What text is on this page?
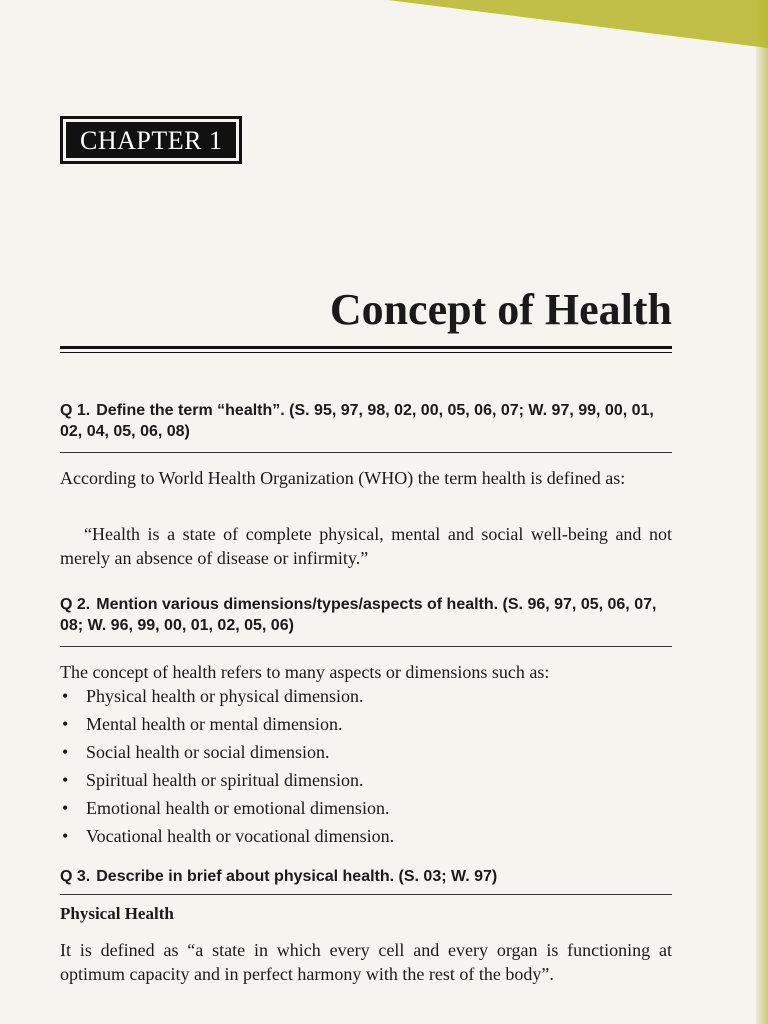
CHAPTER 1
Concept of Health
Q 1. Define the term “health”. (S. 95, 97, 98, 02, 00, 05, 06, 07; W. 97, 99, 00, 01, 02, 04, 05, 06, 08)
According to World Health Organization (WHO) the term health is defined as:
“Health is a state of complete physical, mental and social well-being and not merely an absence of disease or infirmity.”
Q 2. Mention various dimensions/types/aspects of health. (S. 96, 97, 05, 06, 07, 08; W. 96, 99, 00, 01, 02, 05, 06)
The concept of health refers to many aspects or dimensions such as:
• Physical health or physical dimension.
• Mental health or mental dimension.
• Social health or social dimension.
• Spiritual health or spiritual dimension.
• Emotional health or emotional dimension.
• Vocational health or vocational dimension.
Q 3. Describe in brief about physical health. (S. 03; W. 97)
Physical Health
It is defined as “a state in which every cell and every organ is functioning at optimum capacity and in perfect harmony with the rest of the body”.
